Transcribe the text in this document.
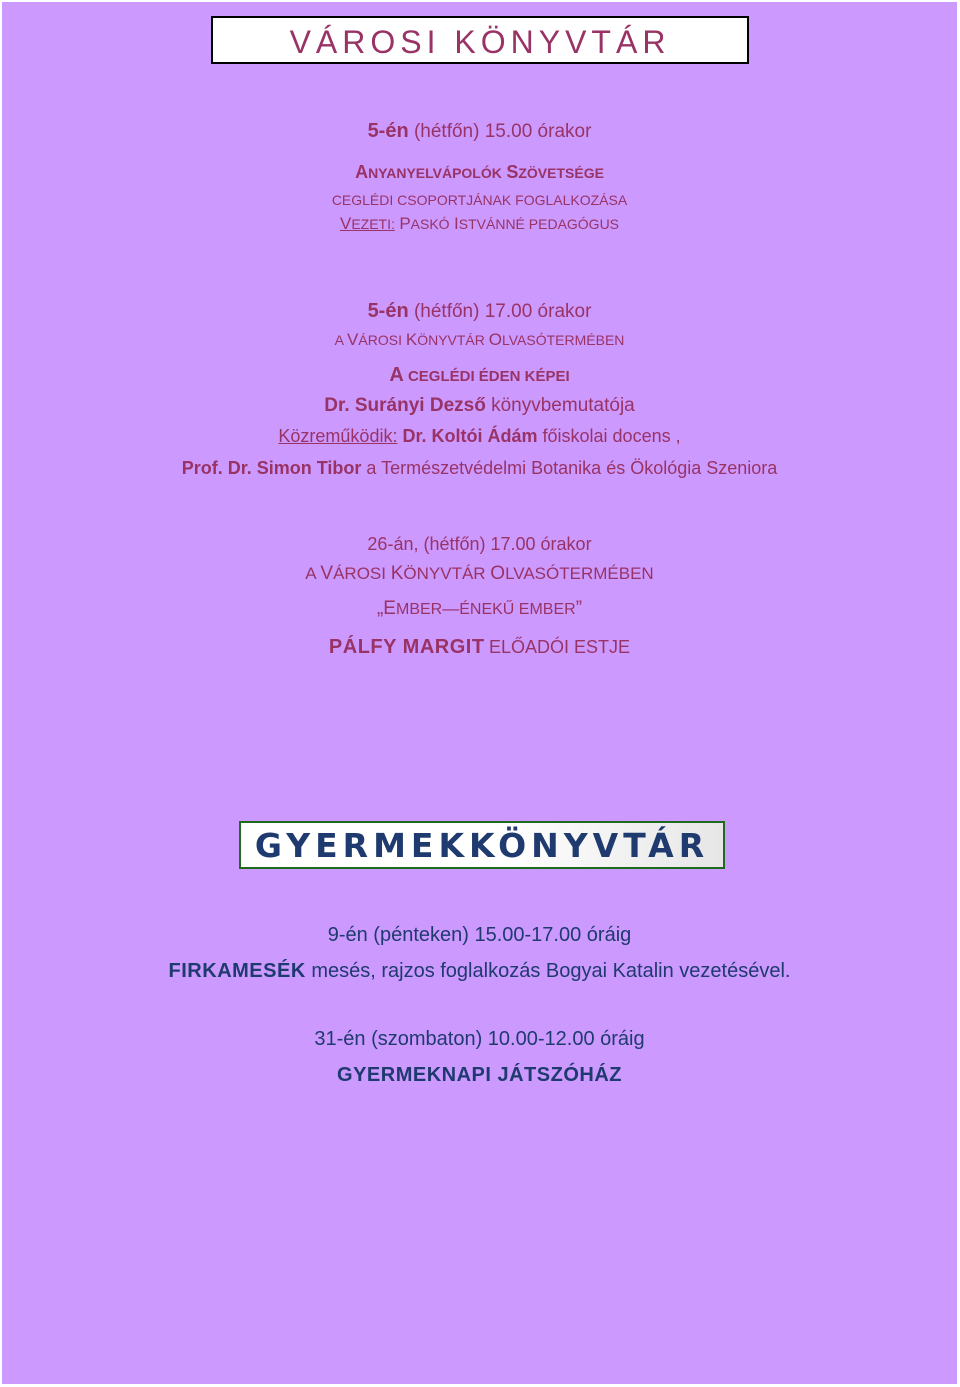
VÁROSI KÖNYVTÁR
5-én (hétfőn) 15.00 órakor
ANYANYELVÁPOLÓK SZÖVETSÉGE
CEGLÉDI CSOPORTJÁNAK FOGLALKOZÁSA
VEZETI: PASKÓ ISTVÁNNÉ PEDAGÓGUS
5-én (hétfőn) 17.00 órakor
A VÁROSI KÖNYVTÁR OLVASÓTERMÉBEN
A CEGLÉDI ÉDEN KÉPEI
Dr. Surányi Dezső könyvbemutatója
Közreműködik: Dr. Koltói Ádám főiskolai docens ,
Prof. Dr. Simon Tibor a Természetvédelmi Botanika és Ökológia Szeniora
26-án, (hétfőn) 17.00 órakor
A VÁROSI KÖNYVTÁR OLVASÓTERMÉBEN
„EMBER—ÉNEKŰ EMBER”
PÁLFY MARGIT ELŐADÓI ESTJE
GYERMEKKÖNYVTÁR
9-én (pénteken) 15.00-17.00 óráig
FIRKAMESÉK mesés, rajzos foglalkozás Bogyai Katalin vezetésével.
31-én (szombaton) 10.00-12.00 óráig
GYERMEKNAPI JÁTSZÓHÁZ
